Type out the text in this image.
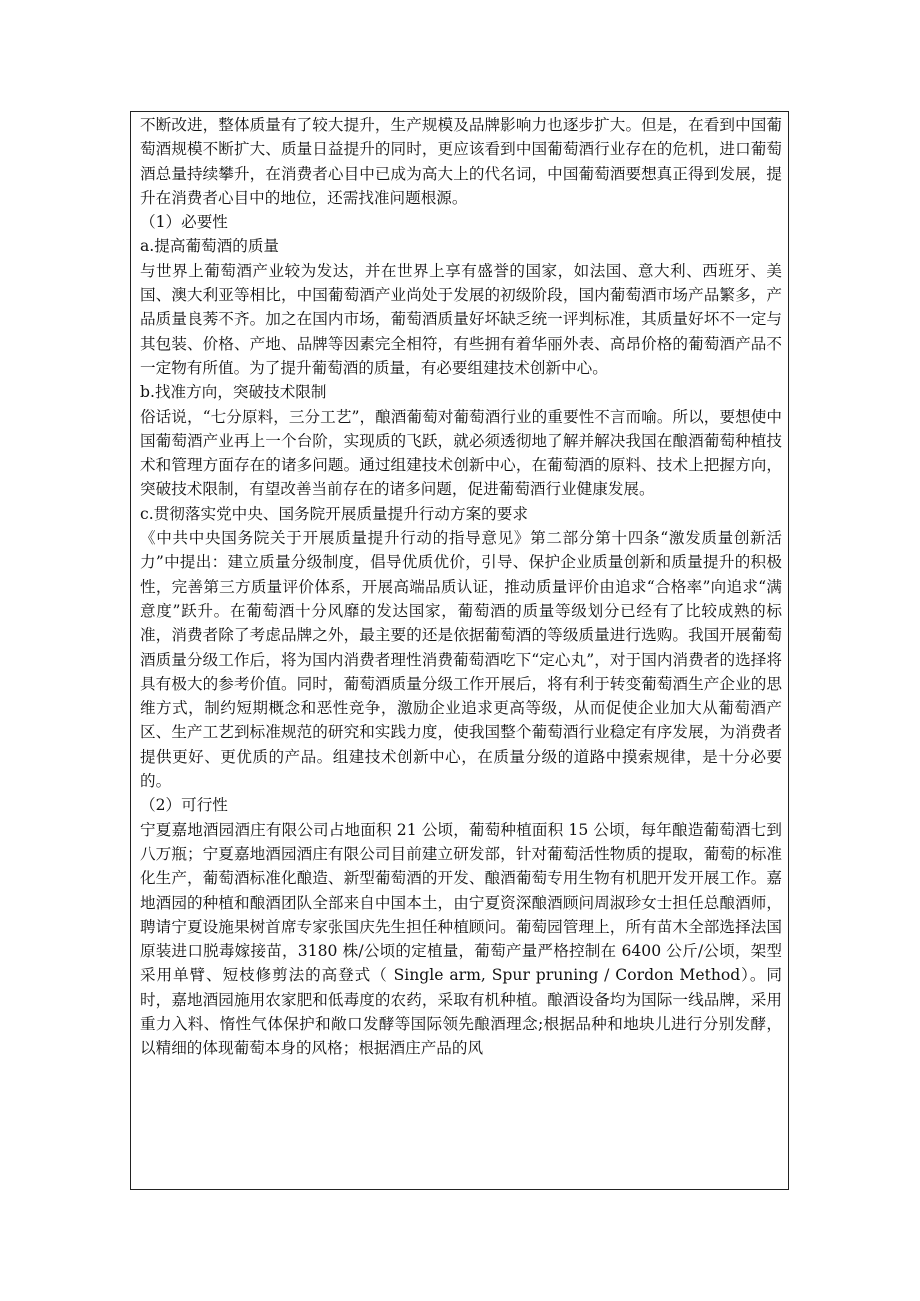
不断改进，整体质量有了较大提升，生产规模及品牌影响力也逐步扩大。但是，在看到中国葡萄酒规模不断扩大、质量日益提升的同时，更应该看到中国葡萄酒行业存在的危机，进口葡萄酒总量持续攀升，在消费者心目中已成为高大上的代名词，中国葡萄酒要想真正得到发展，提升在消费者心目中的地位，还需找准问题根源。

（1）必要性

a.提高葡萄酒的质量

与世界上葡萄酒产业较为发达，并在世界上享有盛誉的国家，如法国、意大利、西班牙、美国、澳大利亚等相比，中国葡萄酒产业尚处于发展的初级阶段，国内葡萄酒市场产品繁多，产品质量良莠不齐。加之在国内市场，葡萄酒质量好坏缺乏统一评判标准，其质量好坏不一定与其包装、价格、产地、品牌等因素完全相符，有些拥有着华丽外表、高昂价格的葡萄酒产品不一定物有所值。为了提升葡萄酒的质量，有必要组建技术创新中心。

b.找准方向，突破技术限制

俗话说，“七分原料，三分工艺”，酿酒葡萄对葡萄酒行业的重要性不言而喻。所以，要想使中国葡萄酒产业再上一个台阶，实现质的飞跃，就必须透彻地了解并解决我国在酿酒葡萄种植技术和管理方面存在的诸多问题。通过组建技术创新中心，在葡萄酒的原料、技术上把握方向，突破技术限制，有望改善当前存在的诸多问题，促进葡萄酒行业健康发展。

c.贯彻落实党中央、国务院开展质量提升行动方案的要求

《中共中央国务院关于开展质量提升行动的指导意见》第二部分第十四条“激发质量创新活力”中提出：建立质量分级制度，倡导优质优价，引导、保护企业质量创新和质量提升的积极性，完善第三方质量评价体系，开展高端品质认证，推动质量评价由追求“合格率”向追求“满意度”跃升。在葡萄酒十分风靡的发达国家，葡萄酒的质量等级划分已经有了比较成熟的标准，消费者除了考虑品牌之外，最主要的还是依据葡萄酒的等级质量进行选购。我国开展葡萄酒质量分级工作后，将为国内消费者理性消费葡萄酒吃下“定心丸”，对于国内消费者的选择将具有极大的参考价值。同时，葡萄酒质量分级工作开展后，将有利于转变葡萄酒生产企业的思维方式，制约短期概念和恶性竞争，激励企业追求更高等级，从而促使企业加大从葡萄酒产区、生产工艺到标准规范的研究和实践力度，使我国整个葡萄酒行业稳定有序发展，为消费者提供更好、更优质的产品。组建技术创新中心，在质量分级的道路中摸索规律，是十分必要的。

（2）可行性

宁夏嘉地酒园酒庄有限公司占地面积 21 公顷，葡萄种植面积 15 公顷，每年酿造葡萄酒七到八万瓶；宁夏嘉地酒园酒庄有限公司目前建立研发部，针对葡萄活性物质的提取，葡萄的标准化生产，葡萄酒标准化酿造、新型葡萄酒的开发、酿酒葡萄专用生物有机肥开发开展工作。嘉地酒园的种植和酿酒团队全部来自中国本土，由宁夏资深酿酒顾问周淑珍女士担任总酿酒师，聘请宁夏设施果树首席专家张国庆先生担任种植顾问。葡萄园管理上，所有苗木全部选择法国原装进口脱毒嫁接苗，3180 株/公顷的定植量，葡萄产量严格控制在 6400 公斤/公顷，架型采用单臂、短枝修剪法的高登式（ Single arm, Spur pruning / Cordon Method）。同时，嘉地酒园施用农家肥和低毒度的农药，采取有机种植。酿酒设备均为国际一线品牌，采用重力入料、惰性气体保护和敞口发酵等国际领先酿酒理念;根据品种和地块儿进行分别发酵，以精细的体现葡萄本身的风格；根据酒庄产品的风
